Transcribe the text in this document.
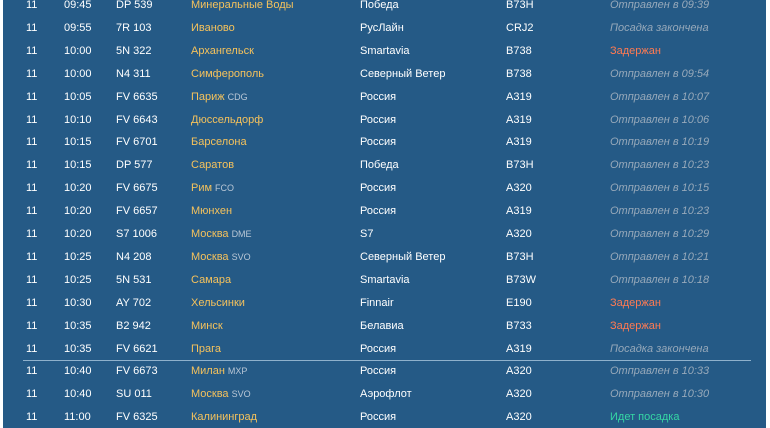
11 09:45 DP 539	Минеральные Воды	Победа	B73H	Отправлен в 09:39
11 09:55 7R 103	Иваново	РусЛайн	CRJ2	Посадка закончена
11 10:00 5N 322	Архангельск	Smartavia	B738	Задержан
11 10:00 N4 311	Симферополь	Северный Ветер	B738	Отправлен в 09:54
11 10:05 FV 6635	Париж CDG	Россия	A319	Отправлен в 10:07
11 10:10 FV 6643	Дюссельдорф	Россия	A319	Отправлен в 10:06
11 10:15 FV 6701	Барселона	Россия	A319	Отправлен в 10:19
11 10:15 DP 577	Саратов	Победа	B73H	Отправлен в 10:23
11 10:20 FV 6675	Рим FCO	Россия	A320	Отправлен в 10:15
11 10:20 FV 6657	Мюнхен	Россия	A319	Отправлен в 10:23
11 10:20 S7 1006	Москва DME	S7	A320	Отправлен в 10:29
11 10:25 N4 208	Москва SVO	Северный Ветер	B73H	Отправлен в 10:21
11 10:25 5N 531	Самара	Smartavia	B73W	Отправлен в 10:18
11 10:30 AY 702	Хельсинки	Finnair	E190	Задержан
11 10:35 B2 942	Минск	Белавиа	B733	Задержан
11 10:35 FV 6621	Прага	Россия	A319	Посадка закончена
11 10:40 FV 6673	Милан MXP	Россия	A320	Отправлен в 10:33
11 10:40 SU 011	Москва SVO	Аэрофлот	A320	Отправлен в 10:30
11 11:00 FV 6325	Калининград	Россия	A320	Идет посадка
